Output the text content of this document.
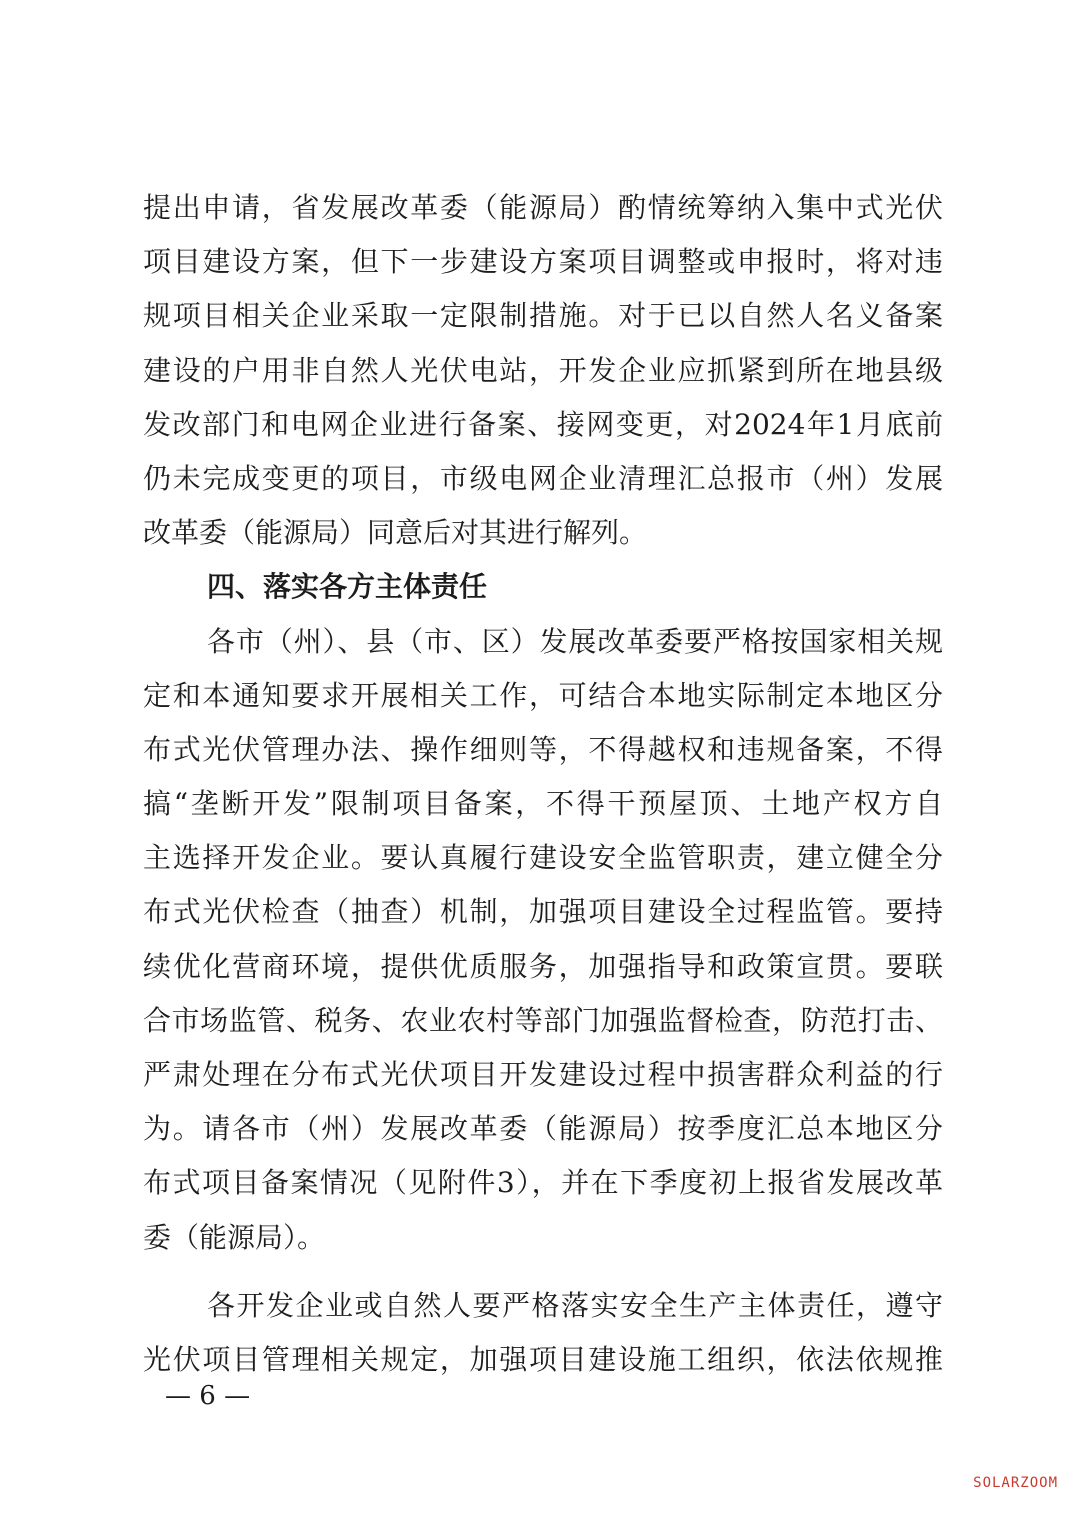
提出申请，省发展改革委（能源局）酌情统筹纳入集中式光伏
项目建设方案，但下一步建设方案项目调整或申报时，将对违
规项目相关企业采取一定限制措施。对于已以自然人名义备案
建设的户用非自然人光伏电站，开发企业应抓紧到所在地县级
发改部门和电网企业进行备案、接网变更，对2024年1月底前
仍未完成变更的项目，市级电网企业清理汇总报市（州）发展
改革委（能源局）同意后对其进行解列。
四、落实各方主体责任
各市（州）、县（市、区）发展改革委要严格按国家相关规
定和本通知要求开展相关工作，可结合本地实际制定本地区分
布式光伏管理办法、操作细则等，不得越权和违规备案，不得
搞“垄断开发”限制项目备案，不得干预屋顶、土地产权方自
主选择开发企业。要认真履行建设安全监管职责，建立健全分
布式光伏检查（抽查）机制，加强项目建设全过程监管。要持
续优化营商环境，提供优质服务，加强指导和政策宣贯。要联
合市场监管、税务、农业农村等部门加强监督检查，防范打击、
严肃处理在分布式光伏项目开发建设过程中损害群众利益的行
为。请各市（州）发展改革委（能源局）按季度汇总本地区分
布式项目备案情况（见附件3），并在下季度初上报省发展改革
委（能源局）。
各开发企业或自然人要严格落实安全生产主体责任，遵守
光伏项目管理相关规定，加强项目建设施工组织，依法依规推
— 6 —
SOLARZOOM
